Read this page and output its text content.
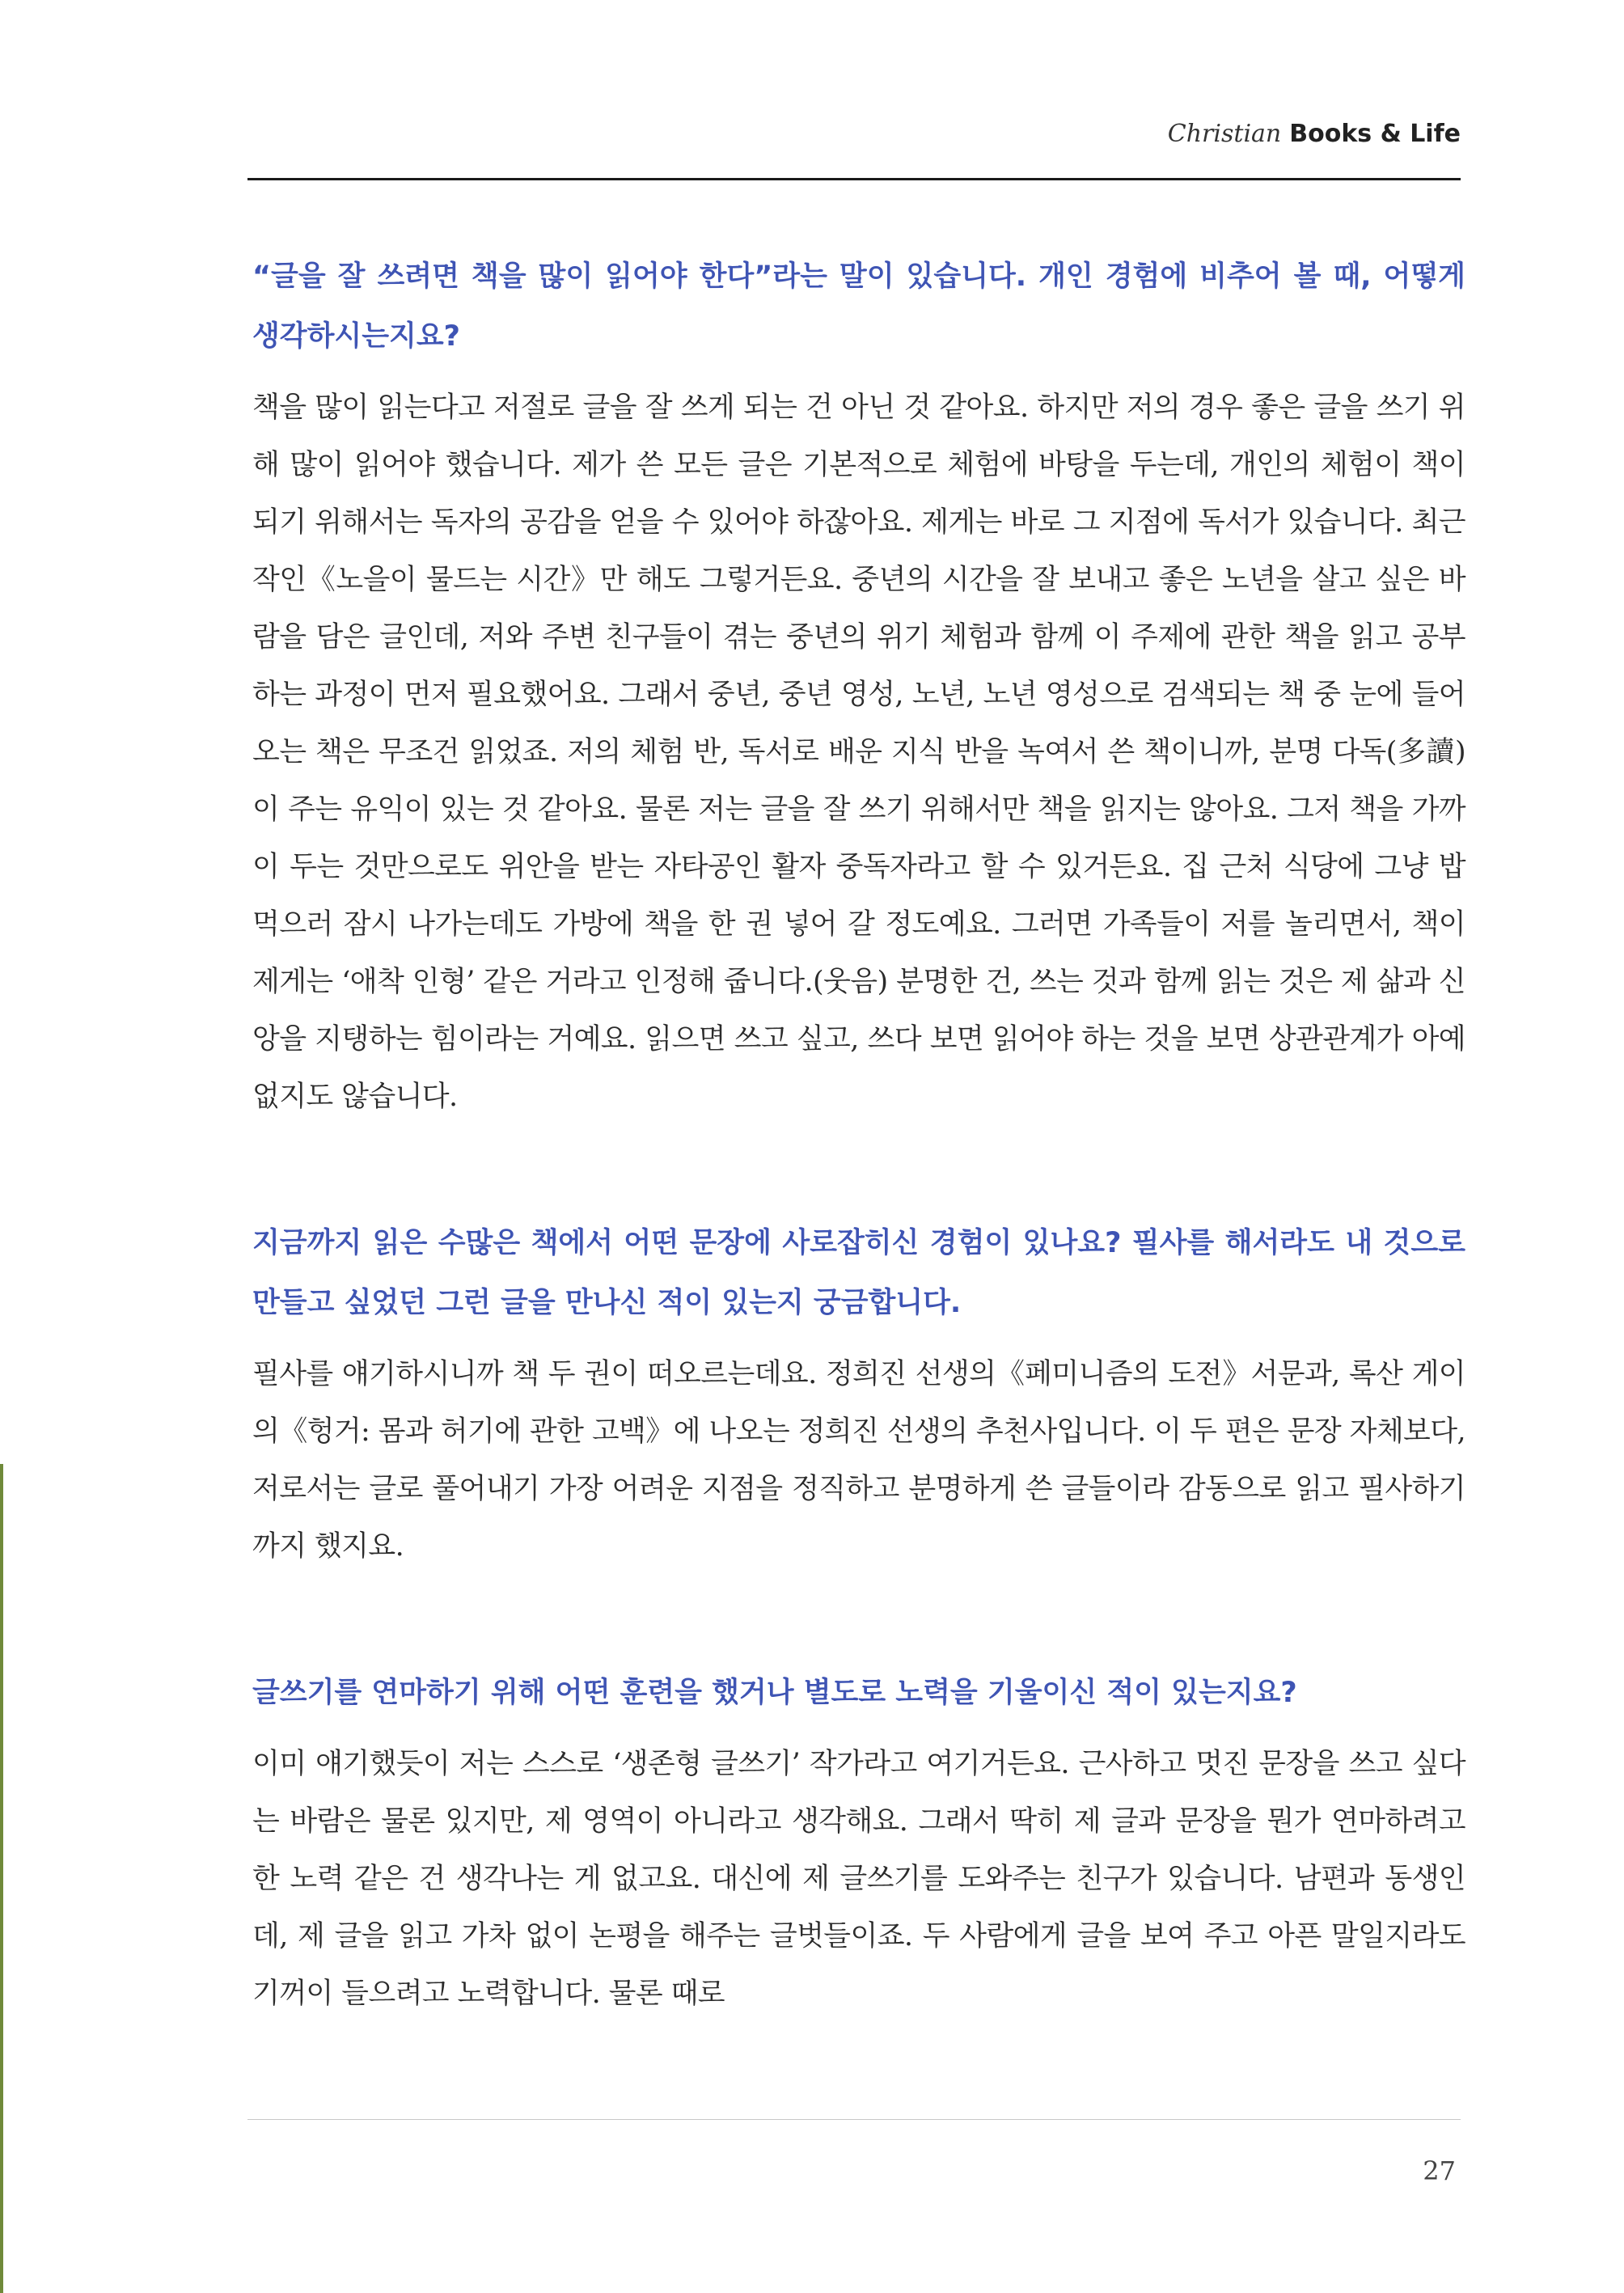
Christian Books & Life

“글을 잘 쓰려면 책을 많이 읽어야 한다”라는 말이 있습니다. 개인 경험에 비추어 볼 때, 어떻게 생각하시는지요?

책을 많이 읽는다고 저절로 글을 잘 쓰게 되는 건 아닌 것 같아요. 하지만 저의 경우 좋은 글을 쓰기 위해 많이 읽어야 했습니다. 제가 쓴 모든 글은 기본적으로 체험에 바탕을 두는데, 개인의 체험이 책이 되기 위해서는 독자의 공감을 얻을 수 있어야 하잖아요. 제게는 바로 그 지점에 독서가 있습니다. 최근작인《노을이 물드는 시간》만 해도 그렇거든요. 중년의 시간을 잘 보내고 좋은 노년을 살고 싶은 바람을 담은 글인데, 저와 주변 친구들이 겪는 중년의 위기 체험과 함께 이 주제에 관한 책을 읽고 공부하는 과정이 먼저 필요했어요. 그래서 중년, 중년 영성, 노년, 노년 영성으로 검색되는 책 중 눈에 들어오는 책은 무조건 읽었죠. 저의 체험 반, 독서로 배운 지식 반을 녹여서 쓴 책이니까, 분명 다독(多讀)이 주는 유익이 있는 것 같아요. 물론 저는 글을 잘 쓰기 위해서만 책을 읽지는 않아요. 그저 책을 가까이 두는 것만으로도 위안을 받는 자타공인 활자 중독자라고 할 수 있거든요. 집 근처 식당에 그냥 밥 먹으러 잠시 나가는데도 가방에 책을 한 권 넣어 갈 정도예요. 그러면 가족들이 저를 놀리면서, 책이 제게는 ‘애착 인형’ 같은 거라고 인정해 줍니다.(웃음) 분명한 건, 쓰는 것과 함께 읽는 것은 제 삶과 신앙을 지탱하는 힘이라는 거예요. 읽으면 쓰고 싶고, 쓰다 보면 읽어야 하는 것을 보면 상관관계가 아예 없지도 않습니다.

지금까지 읽은 수많은 책에서 어떤 문장에 사로잡히신 경험이 있나요? 필사를 해서라도 내 것으로 만들고 싶었던 그런 글을 만나신 적이 있는지 궁금합니다.

필사를 얘기하시니까 책 두 권이 떠오르는데요. 정희진 선생의《페미니즘의 도전》서문과, 록산 게이의《헝거: 몸과 허기에 관한 고백》에 나오는 정희진 선생의 추천사입니다. 이 두 편은 문장 자체보다, 저로서는 글로 풀어내기 가장 어려운 지점을 정직하고 분명하게 쓴 글들이라 감동으로 읽고 필사하기까지 했지요.

글쓰기를 연마하기 위해 어떤 훈련을 했거나 별도로 노력을 기울이신 적이 있는지요?

이미 얘기했듯이 저는 스스로 ‘생존형 글쓰기’ 작가라고 여기거든요. 근사하고 멋진 문장을 쓰고 싶다는 바람은 물론 있지만, 제 영역이 아니라고 생각해요. 그래서 딱히 제 글과 문장을 뭔가 연마하려고 한 노력 같은 건 생각나는 게 없고요. 대신에 제 글쓰기를 도와주는 친구가 있습니다. 남편과 동생인데, 제 글을 읽고 가차 없이 논평을 해주는 글벗들이죠. 두 사람에게 글을 보여 주고 아픈 말일지라도 기꺼이 들으려고 노력합니다. 물론 때로

27
